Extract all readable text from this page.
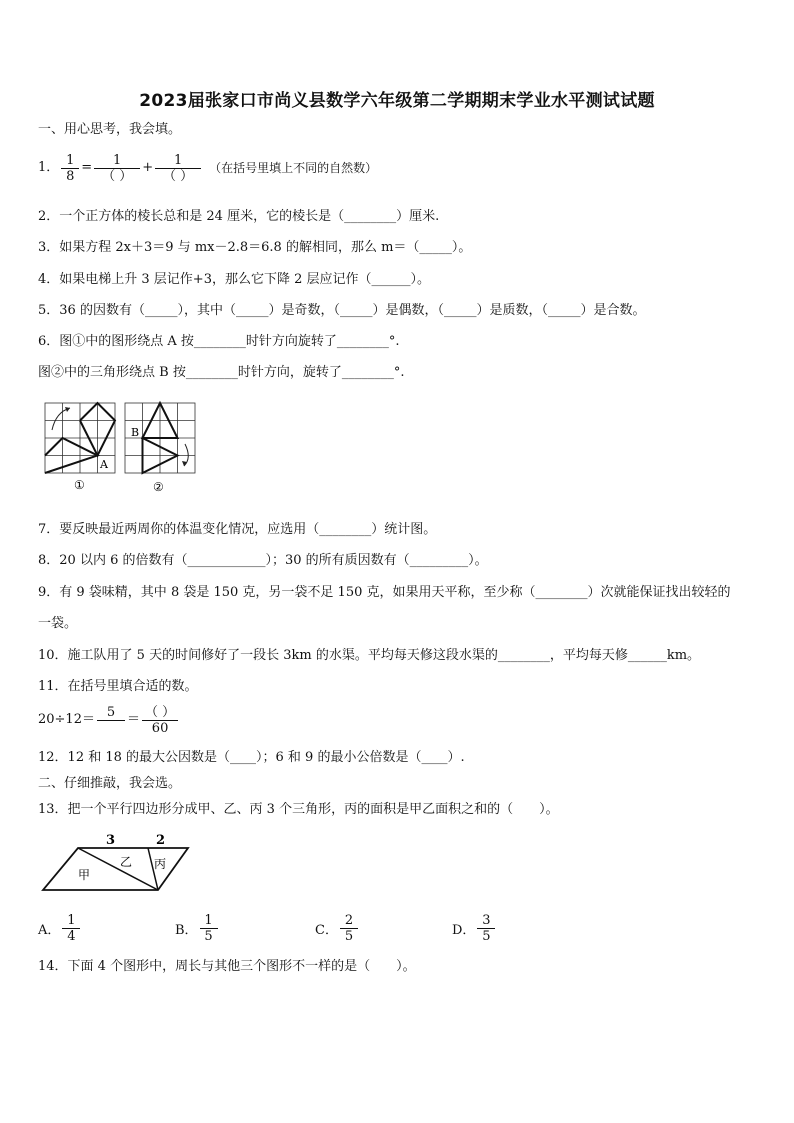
2023届张家口市尚义县数学六年级第二学期期末学业水平测试试题
一、用心思考，我会填。
1． $\frac{1}{8} = \frac{1}{( )} + \frac{1}{( )}$ （在括号里填上不同的自然数）
2．一个正方体的棱长总和是 24 厘米，它的棱长是（________）厘米.
3．如果方程 2x＋3＝9 与 mx－2.8＝6.8 的解相同，那么 m＝（_____）。
4．如果电梯上升 3 层记作+3，那么它下降 2 层应记作（______）。
5．36 的因数有（_____），其中（_____）是奇数，（_____）是偶数，（_____）是质数，（_____）是合数。
6．图①中的图形绕点 A 按________时针方向旋转了________°.
图②中的三角形绕点 B 按________时针方向，旋转了________°.
A
①
B
②
7．要反映最近两周你的体温变化情况，应选用（________）统计图。
8．20 以内 6 的倍数有（____________）；30 的所有质因数有（_________）。
9．有 9 袋味精，其中 8 袋是 150 克，另一袋不足 150 克，如果用天平称，至少称（________）次就能保证找出较轻的
一袋。
10．施工队用了 5 天的时间修好了一段长 3km 的水渠。平均每天修这段水渠的________，平均每天修______km。
11．在括号里填合适的数。
$20\div 12= 5 = \frac{( )}{60}$
12．12 和 18 的最大公因数是（____）；6 和 9 的最小公倍数是（____）.
二、仔细推敲，我会选。
13．把一个平行四边形分成甲、乙、丙 3 个三角形，丙的面积是甲乙面积之和的（　　）。
3	2
甲
乙 丙
A． $\frac{1}{4}$	B． $\frac{1}{5}$	C． $\frac{2}{5}$	D． $\frac{3}{5}$
14．下面 4 个图形中，周长与其他三个图形不一样的是（　　）。
